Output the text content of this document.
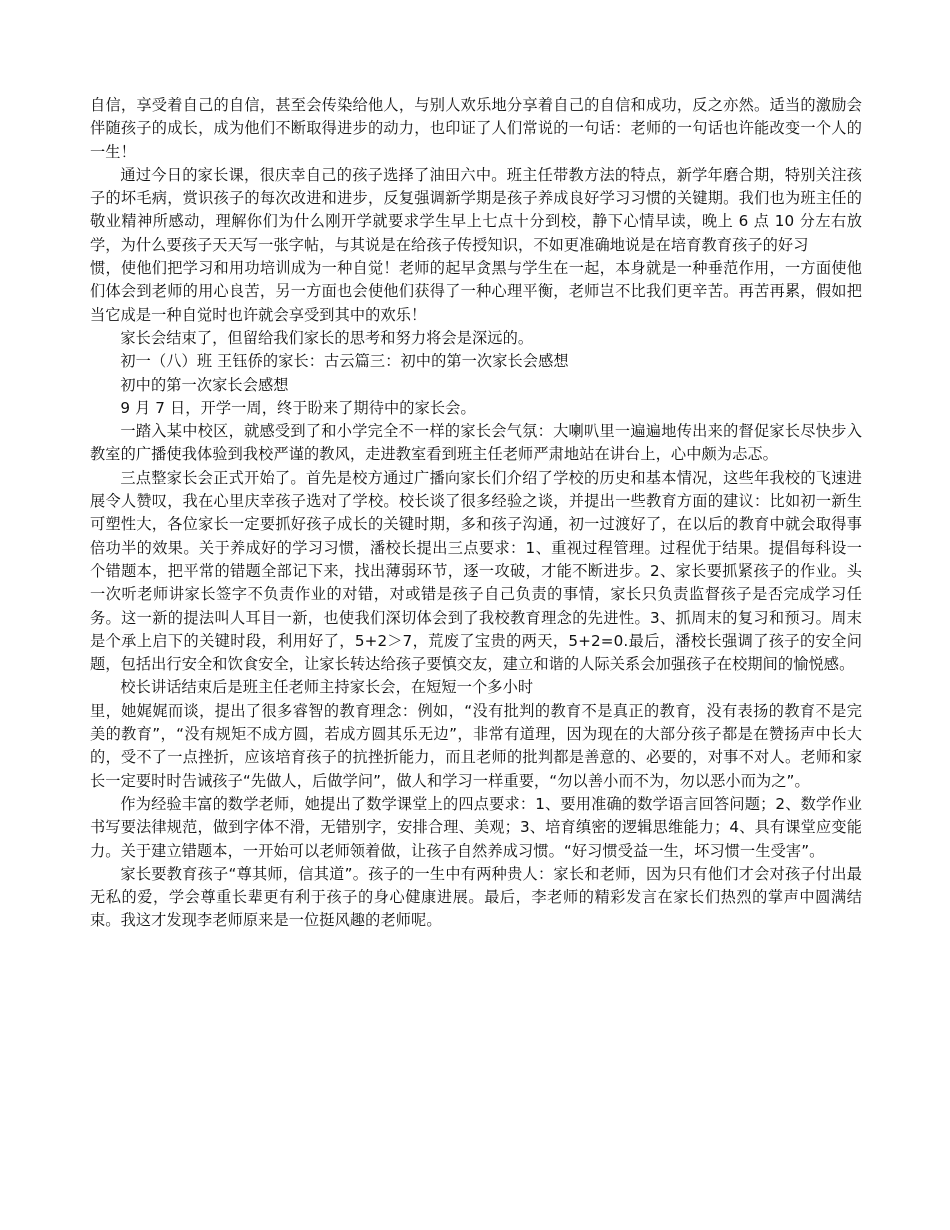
自信，享受着自己的自信，甚至会传染给他人，与别人欢乐地分享着自己的自信和成功，反之亦然。适当的激励会伴随孩子的成长，成为他们不断取得进步的动力，也印证了人们常说的一句话：老师的一句话也许能改变一个人的一生！

通过今日的家长课，很庆幸自己的孩子选择了油田六中。班主任带教方法的特点，新学年磨合期，特别关注孩子的坏毛病，赏识孩子的每次改进和进步，反复强调新学期是孩子养成良好学习习惯的关键期。我们也为班主任的敬业精神所感动，理解你们为什么刚开学就要求学生早上七点十分到校，静下心情早读，晚上 6 点 10 分左右放学，为什么要孩子天天写一张字帖，与其说是在给孩子传授知识，不如更准确地说是在培育教育孩子的好习

惯，使他们把学习和用功培训成为一种自觉！老师的起早贪黑与学生在一起，本身就是一种垂范作用，一方面使他们体会到老师的用心良苦，另一方面也会使他们获得了一种心理平衡，老师岂不比我们更辛苦。再苦再累，假如把当它成是一种自觉时也许就会享受到其中的欢乐！

家长会结束了，但留给我们家长的思考和努力将会是深远的。

初一（八）班 王钰侨的家长：古云篇三：初中的第一次家长会感想

初中的第一次家长会感想

9 月 7 日，开学一周，终于盼来了期待中的家长会。

一踏入某中校区，就感受到了和小学完全不一样的家长会气氛：大喇叭里一遍遍地传出来的督促家长尽快步入教室的广播使我体验到我校严谨的教风，走进教室看到班主任老师严肃地站在讲台上，心中颇为忐忑。

三点整家长会正式开始了。首先是校方通过广播向家长们介绍了学校的历史和基本情况，这些年我校的飞速进展令人赞叹，我在心里庆幸孩子选对了学校。校长谈了很多经验之谈，并提出一些教育方面的建议：比如初一新生可塑性大，各位家长一定要抓好孩子成长的关键时期，多和孩子沟通，初一过渡好了，在以后的教育中就会取得事倍功半的效果。关于养成好的学习习惯，潘校长提出三点要求：1、重视过程管理。过程优于结果。提倡每科设一个错题本，把平常的错题全部记下来，找出薄弱环节，逐一攻破，才能不断进步。2、家长要抓紧孩子的作业。头一次听老师讲家长签字不负责作业的对错，对或错是孩子自己负责的事情，家长只负责监督孩子是否完成学习任务。这一新的提法叫人耳目一新，也使我们深切体会到了我校教育理念的先进性。3、抓周末的复习和预习。周末是个承上启下的关键时段，利用好了，5+2＞7，荒废了宝贵的两天，5+2=0.最后，潘校长强调了孩子的安全问题，包括出行安全和饮食安全，让家长转达给孩子要慎交友，建立和谐的人际关系会加强孩子在校期间的愉悦感。

校长讲话结束后是班主任老师主持家长会，在短短一个多小时

里，她娓娓而谈，提出了很多睿智的教育理念：例如，“没有批判的教育不是真正的教育，没有表扬的教育不是完美的教育”，“没有规矩不成方圆，若成方圆其乐无边”，非常有道理，因为现在的大部分孩子都是在赞扬声中长大的，受不了一点挫折，应该培育孩子的抗挫折能力，而且老师的批判都是善意的、必要的，对事不对人。老师和家长一定要时时告诫孩子“先做人，后做学问”，做人和学习一样重要，“勿以善小而不为，勿以恶小而为之”。

作为经验丰富的数学老师，她提出了数学课堂上的四点要求：1、要用准确的数学语言回答问题；2、数学作业书写要法律规范，做到字体不滑，无错别字，安排合理、美观；3、培育缜密的逻辑思维能力；4、具有课堂应变能力。关于建立错题本，一开始可以老师领着做，让孩子自然养成习惯。“好习惯受益一生，坏习惯一生受害”。

家长要教育孩子“尊其师，信其道”。孩子的一生中有两种贵人：家长和老师，因为只有他们才会对孩子付出最无私的爱，学会尊重长辈更有利于孩子的身心健康进展。最后，李老师的精彩发言在家长们热烈的掌声中圆满结束。我这才发现李老师原来是一位挺风趣的老师呢。
